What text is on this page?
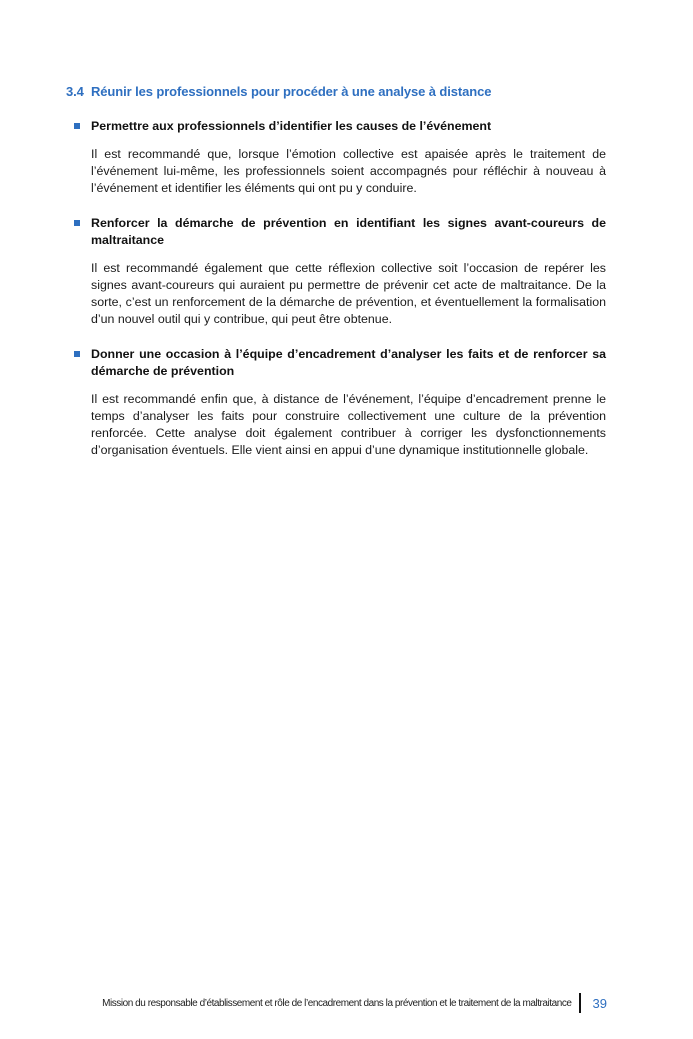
3.4 Réunir les professionnels pour procéder à une analyse à distance
Permettre aux professionnels d’identifier les causes de l’événement
Il est recommandé que, lorsque l’émotion collective est apaisée après le traitement de l’événement lui-même, les professionnels soient accompagnés pour réfléchir à nouveau à l’événement et identifier les éléments qui ont pu y conduire.
Renforcer la démarche de prévention en identifiant les signes avant-coureurs de maltraitance
Il est recommandé également que cette réflexion collective soit l’occasion de repérer les signes avant-coureurs qui auraient pu permettre de prévenir cet acte de maltraitance. De la sorte, c’est un renforcement de la démarche de prévention, et éventuellement la formalisation d’un nouvel outil qui y contribue, qui peut être obtenue.
Donner une occasion à l’équipe d’encadrement d’analyser les faits et de renforcer sa démarche de prévention
Il est recommandé enfin que, à distance de l’événement, l’équipe d’encadrement prenne le temps d’analyser les faits pour construire collectivement une culture de la prévention renforcée. Cette analyse doit également contribuer à corriger les dysfonctionnements d’organisation éventuels. Elle vient ainsi en appui d’une dynamique institutionnelle globale.
Mission du responsable d’établissement et rôle de l’encadrement dans la prévention et le traitement de la maltraitance 39
